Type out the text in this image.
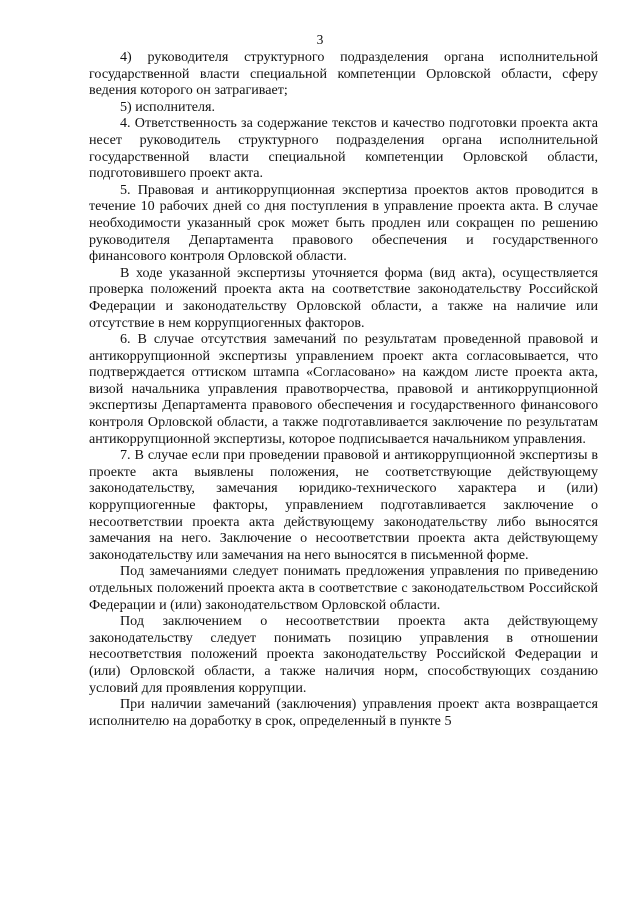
3

4) руководителя структурного подразделения органа исполнительной государственной власти специальной компетенции Орловской области, сферу ведения которого он затрагивает;

5) исполнителя.

4. Ответственность за содержание текстов и качество подготовки проекта акта несет руководитель структурного подразделения органа исполнительной государственной власти специальной компетенции Орловской области, подготовившего проект акта.

5. Правовая и антикоррупционная экспертиза проектов актов проводится в течение 10 рабочих дней со дня поступления в управление проекта акта. В случае необходимости указанный срок может быть продлен или сокращен по решению руководителя Департамента правового обеспечения и государственного финансового контроля Орловской области.

В ходе указанной экспертизы уточняется форма (вид акта), осуществляется проверка положений проекта акта на соответствие законодательству Российской Федерации и законодательству Орловской области, а также на наличие или отсутствие в нем коррупциогенных факторов.

6. В случае отсутствия замечаний по результатам проведенной правовой и антикоррупционной экспертизы управлением проект акта согласовывается, что подтверждается оттиском штампа «Согласовано» на каждом листе проекта акта, визой начальника управления правотворчества, правовой и антикоррупционной экспертизы Департамента правового обеспечения и государственного финансового контроля Орловской области, а также подготавливается заключение по результатам антикоррупционной экспертизы, которое подписывается начальником управления.

7. В случае если при проведении правовой и антикоррупционной экспертизы в проекте акта выявлены положения, не соответствующие действующему законодательству, замечания юридико-технического характера и (или) коррупциогенные факторы, управлением подготавливается заключение о несоответствии проекта акта действующему законодательству либо выносятся замечания на него. Заключение о несоответствии проекта акта действующему законодательству или замечания на него выносятся в письменной форме.

Под замечаниями следует понимать предложения управления по приведению отдельных положений проекта акта в соответствие с законодательством Российской Федерации и (или) законодательством Орловской области.

Под заключением о несоответствии проекта акта действующему законодательству следует понимать позицию управления в отношении несоответствия положений проекта законодательству Российской Федерации и (или) Орловской области, а также наличия норм, способствующих созданию условий для проявления коррупции.

При наличии замечаний (заключения) управления проект акта возвращается исполнителю на доработку в срок, определенный в пункте 5
